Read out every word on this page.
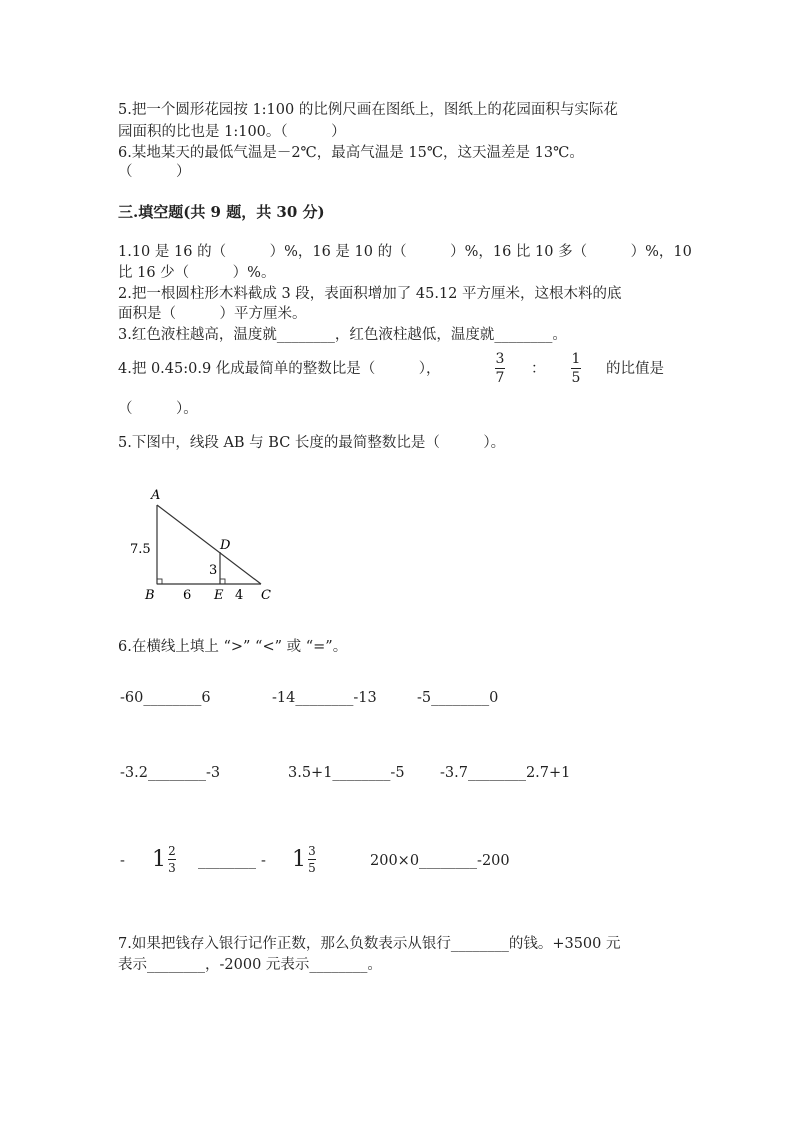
5.把一个圆形花园按 1:100 的比例尺画在图纸上，图纸上的花园面积与实际花
园面积的比也是 1:100。（　　　）
6.某地某天的最低气温是－2℃，最高气温是 15℃，这天温差是 13℃。
（　　　）
三.填空题(共 9 题，共 30 分)
1.10 是 16 的（　　　）%，16 是 10 的（　　　）%，16 比 10 多（　　　）%，10
比 16 少（　　　）%。
2.把一根圆柱形木料截成 3 段，表面积增加了 45.12 平方厘米，这根木料的底
面积是（　　　）平方厘米。
3.红色液柱越高，温度就________，红色液柱越低，温度就________。
4.把 0.45:0.9 化成最简单的整数比是（　　　），
3
7
：
1
5
的比值是
（　　　）。
5.下图中，线段 AB 与 BC 长度的最简整数比是（　　　）。
A
B	C
D
E
7.5
3
6	4
6.在横线上填上 “>” “<” 或 “=”。
-60________6	-14________-13	-5________0
-3.2________-3	3.5+1________-5 -3.7________2.7+1
- 1 2
3 ________ - 1 3
5	200×0________-200
7.如果把钱存入银行记作正数，那么负数表示从银行________的钱。+3500 元
表示________，-2000 元表示________。
